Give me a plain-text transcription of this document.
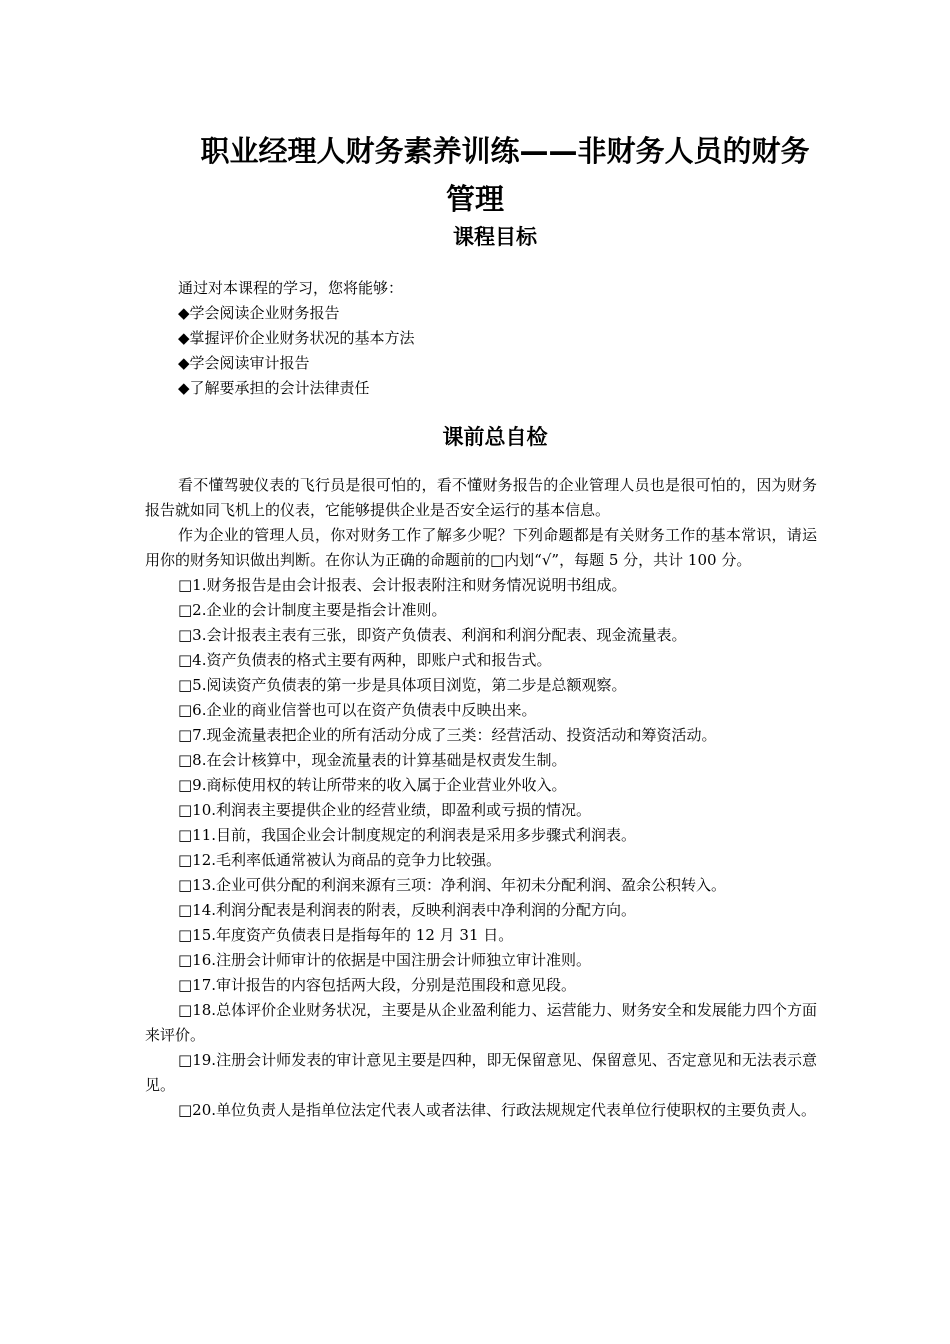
职业经理人财务素养训练——非财务人员的财务
管理
课程目标
通过对本课程的学习，您将能够：
◆学会阅读企业财务报告
◆掌握评价企业财务状况的基本方法
◆学会阅读审计报告
◆了解要承担的会计法律责任
课前总自检

看不懂驾驶仪表的飞行员是很可怕的，看不懂财务报告的企业管理人员也是很可怕的，因为财务报告就如同飞机上的仪表，它能够提供企业是否安全运行的基本信息。

作为企业的管理人员，你对财务工作了解多少呢？下列命题都是有关财务工作的基本常识，请运用你的财务知识做出判断。在你认为正确的命题前的□内划“√”，每题 5 分，共计 100 分。

□1.财务报告是由会计报表、会计报表附注和财务情况说明书组成。
□2.企业的会计制度主要是指会计准则。
□3.会计报表主表有三张，即资产负债表、利润和利润分配表、现金流量表。
□4.资产负债表的格式主要有两种，即账户式和报告式。
□5.阅读资产负债表的第一步是具体项目浏览，第二步是总额观察。
□6.企业的商业信誉也可以在资产负债表中反映出来。
□7.现金流量表把企业的所有活动分成了三类：经营活动、投资活动和筹资活动。
□8.在会计核算中，现金流量表的计算基础是权责发生制。
□9.商标使用权的转让所带来的收入属于企业营业外收入。
□10.利润表主要提供企业的经营业绩，即盈利或亏损的情况。
□11.目前，我国企业会计制度规定的利润表是采用多步骤式利润表。
□12.毛利率低通常被认为商品的竞争力比较强。
□13.企业可供分配的利润来源有三项：净利润、年初未分配利润、盈余公积转入。
□14.利润分配表是利润表的附表，反映利润表中净利润的分配方向。
□15.年度资产负债表日是指每年的 12 月 31 日。
□16.注册会计师审计的依据是中国注册会计师独立审计准则。
□17.审计报告的内容包括两大段，分别是范围段和意见段。
□18.总体评价企业财务状况，主要是从企业盈利能力、运营能力、财务安全和发展能力四个方面来评价。
□19.注册会计师发表的审计意见主要是四种，即无保留意见、保留意见、否定意见和无法表示意见。
□20.单位负责人是指单位法定代表人或者法律、行政法规规定代表单位行使职权的主要负责人。
